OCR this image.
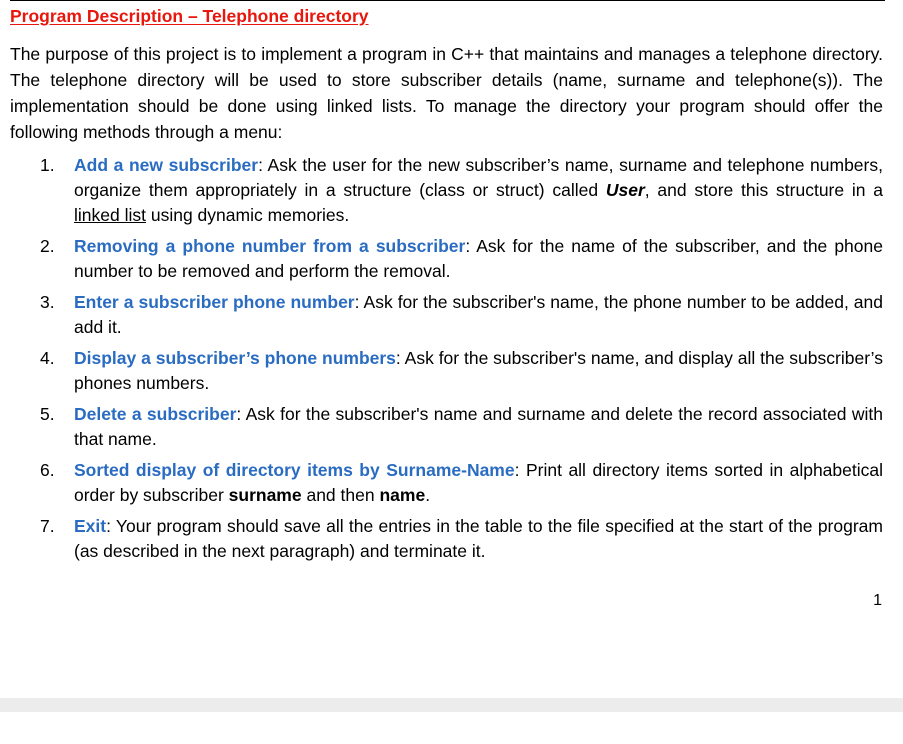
Program Description – Telephone directory

The purpose of this project is to implement a program in C++ that maintains and manages a telephone directory. The telephone directory will be used to store subscriber details (name, surname and telephone(s)). The implementation should be done using linked lists. To manage the directory your program should offer the following methods through a menu:

1.	Add a new subscriber: Ask the user for the new subscriber’s name, surname and telephone numbers, organize them appropriately in a structure (class or struct) called User, and store this structure in a linked list using dynamic memories.
2.	Removing a phone number from a subscriber: Ask for the name of the subscriber, and the phone number to be removed and perform the removal.
3.	Enter a subscriber phone number: Ask for the subscriber's name, the phone number to be added, and add it.
4.	Display a subscriber’s phone numbers: Ask for the subscriber's name, and display all the subscriber’s phones numbers.
5.	Delete a subscriber: Ask for the subscriber's name and surname and delete the record associated with that name.
6.	Sorted display of directory items by Surname-Name: Print all directory items sorted in alphabetical order by subscriber surname and then name.
7.	Exit: Your program should save all the entries in the table to the file specified at the start of the program (as described in the next paragraph) and terminate it.
1
